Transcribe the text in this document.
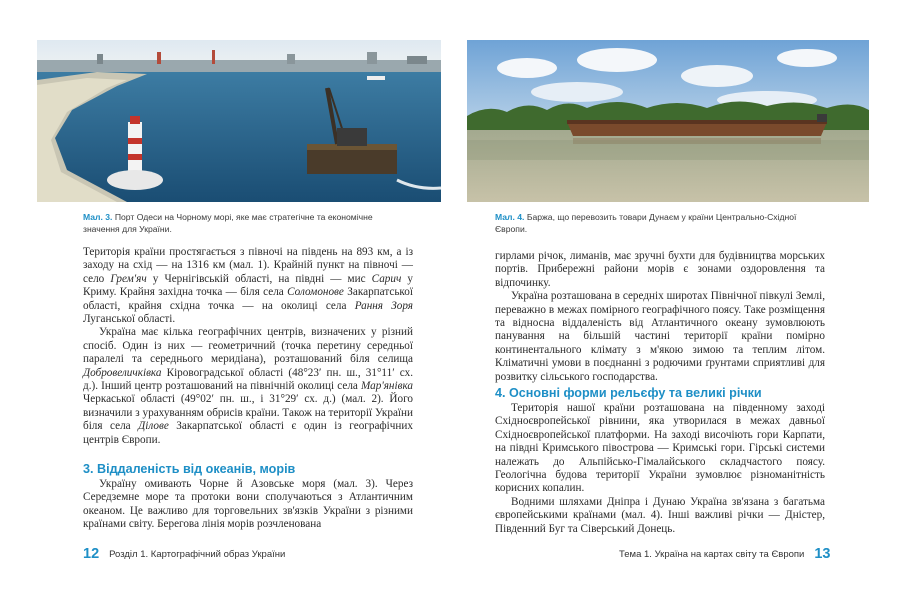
Мал. 3. Порт Одеси на Чорному морі, яке має стратегічне та економічне значення для України.

Територія країни простягається з півночі на південь на 893 км, а із заходу на схід — на 1316 км (мал. 1). Крайній пункт на півночі — село Грем'яч у Чернігівській області, на півдні — мис Сарич у Криму. Крайня західна точка — біля села Соломонове Закарпатської області, крайня східна точка — на околиці села Рання Зоря Луганської області.

Україна має кілька географічних центрів, визначених у різний спосіб. Один із них — геометричний (точка перетину середньої паралелі та середнього меридіана), розташований біля селища Добровеличківка Кіровоградської області (48°23′ пн. ш., 31°11′ сх. д.). Інший центр розташований на північній околиці села Мар'янівка Черкаської області (49°02′ пн. ш., і 31°29′ сх. д.) (мал. 2). Його визначили з урахуванням обрисів країни. Також на території України біля села Ділове Закарпатської області є один із географічних центрів Європи.

3. Віддаленість від океанів, морів

Україну омивають Чорне й Азовське моря (мал. 3). Через Середземне море та протоки вони сполучаються з Атлантичним океаном. Це важливо для торговельних зв'язків України з різними країнами світу. Берегова лінія морів розчленована

12 Розділ 1. Картографічний образ України
Мал. 4. Баржа, що перевозить товари Дунаєм у країни Центрально-Східної Європи.

гирлами річок, лиманів, має зручні бухти для будівництва морських портів. Прибережні райони морів є зонами оздоровлення та відпочинку.

Україна розташована в середніх широтах Північної півкулі Землі, переважно в межах помірного географічного поясу. Таке розміщення та відносна віддаленість від Атлантичного океану зумовлюють панування на більшій частині території країни помірно континентального клімату з м'якою зимою та теплим літом. Кліматичні умови в поєднанні з родючими ґрунтами сприятливі для розвитку сільського господарства.

4. Основні форми рельєфу та великі річки

Територія нашої країни розташована на південному заході Східноєвропейської рівнини, яка утворилася в межах давньої Східноєвропейської платформи. На заході височіють гори Карпати, на півдні Кримського півострова — Кримські гори. Гірські системи належать до Альпійсько-Гімалайського складчастого поясу. Геологічна будова території України зумовлює різноманітність корисних копалин.

Водними шляхами Дніпра і Дунаю Україна зв'язана з багатьма європейськими країнами (мал. 4). Інші важливі річки — Дністер, Південний Буг та Сіверський Донець.

Тема 1. Україна на картах світу та Європи 13
